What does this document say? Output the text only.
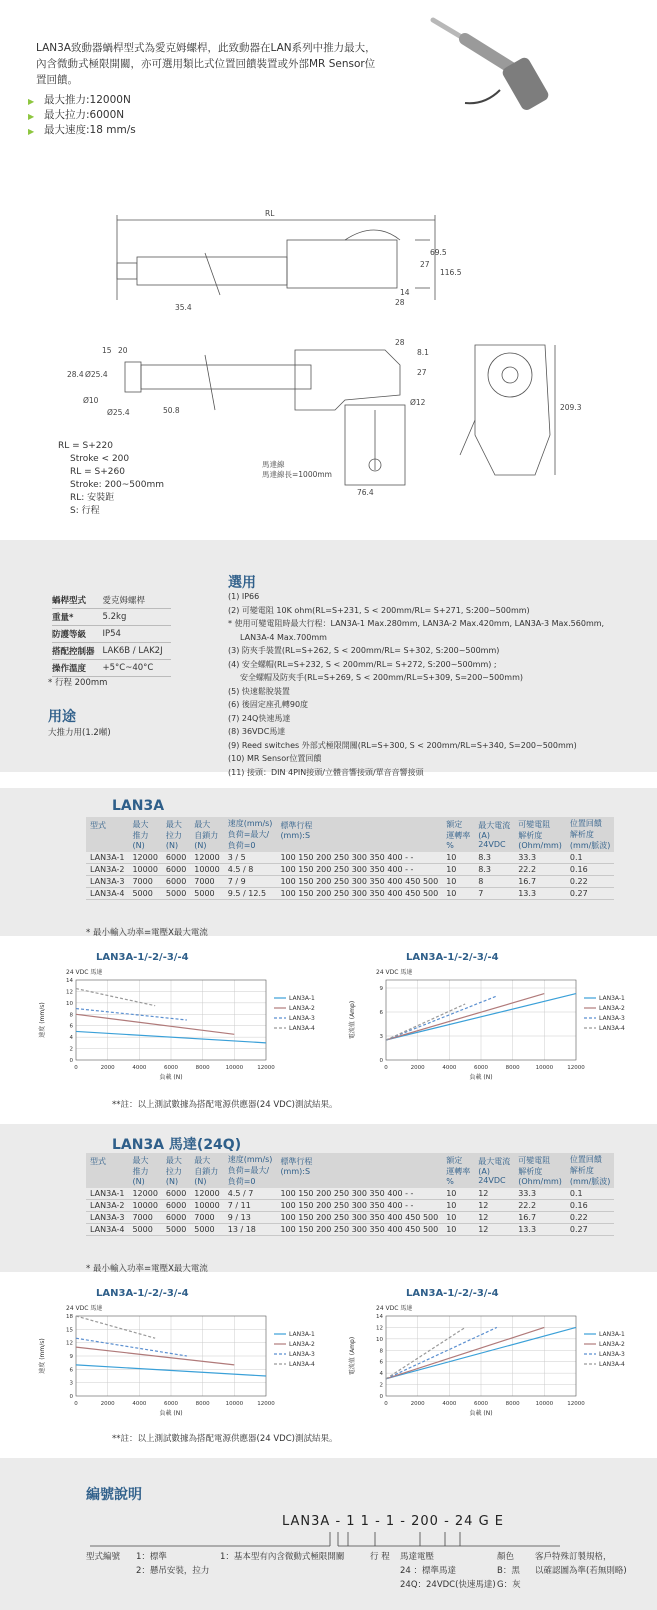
LAN3A致動器蝸桿型式為愛克姆螺桿，此致動器在LAN系列中推力最大，內含微動式極限開關，亦可選用類比式位置回饋裝置或外部MR Sensor位置回饋。
▶ 最大推力:12000N
▶ 最大拉力:6000N
▶ 最大速度:18 mm/s
RL
27
69.5
116.5
14
28
35.4
28
8.1
27
Ø12
15 20
28.4 Ø25.4
Ø10
Ø25.4	50.8	209.3
76.4
馬達線
馬達線長=1000mm
RL = S+220
Stroke < 200
RL = S+260
Stroke: 200~500mm
RL: 安裝距
S: 行程
蝸桿型式	愛克姆螺桿
重量*	5.2kg
防護等級	IP54
搭配控制器	LAK6B / LAK2J
操作溫度	+5°C~40°C
* 行程 200mm
用途
大推力用(1.2噸)
選用
(1) IP66
(2) 可變電阻 10K ohm(RL=S+231, S < 200mm/RL= S+271, S:200~500mm)
* 使用可變電阻時最大行程：LAN3A-1 Max.280mm, LAN3A-2 Max.420mm, LAN3A-3 Max.560mm,
LAN3A-4 Max.700mm
(3) 防夾手裝置(RL=S+262, S < 200mm/RL= S+302, S:200~500mm)
(4) 安全螺帽(RL=S+232, S < 200mm/RL= S+272, S:200~500mm) ;
安全螺帽及防夾手(RL=S+269, S < 200mm/RL=S+309, S=200~500mm)
(5) 快速鬆脫裝置
(6) 後固定座孔轉90度
(7) 24Q快速馬達
(8) 36VDC馬達
(9) Reed switches 外部式極限開關(RL=S+300, S < 200mm/RL=S+340, S=200~500mm)
(10) MR Sensor位置回饋
(11) 接頭：DIN 4PIN接頭/立體音響接頭/單音音響接頭
LAN3A
型式	最大
推力
(N)	最大
拉力
(N)	最大
自鎖力
(N)	速度(mm/s)
負荷=最大/
負荷=0	標準行程
(mm):S	額定
運轉率
%	最大電流
(A)
24VDC	可變電阻
解析度
(Ohm/mm)	位置回饋
解析度
(mm/脈波)
LAN3A-1	12000	6000	12000	3 / 5	100 150 200 250 300 350 400 - -	10	8.3	33.3	0.1
LAN3A-2	10000	6000	10000	4.5 / 8	100 150 200 250 300 350 400 - -	10	8.3	22.2	0.16
LAN3A-3	7000	6000	7000	7 / 9	100 150 200 250 300 350 400 450 500	10	8	16.7	0.22
LAN3A-4	5000	5000	5000	9.5 / 12.5	100 150 200 250 300 350 400 450 500	10	7	13.3	0.27
* 最小輸入功率=電壓X最大電流
LAN3A-1/-2/-3/-4
24 VDC 馬達
0	2000	4000	6000	8000	10000	12000
0
2
4
6
8
10
12
14
負載 (N)
速度 (mm/s)
LAN3A-1
LAN3A-2
LAN3A-3
LAN3A-4
LAN3A-1/-2/-3/-4
24 VDC 馬達
0	2000	4000	6000	8000	10000	12000
0
3
6
9
負載 (N)
電流值 (Amp)
LAN3A-1
LAN3A-2
LAN3A-3
LAN3A-4
**註：以上測試數據為搭配電源供應器(24 VDC)測試結果。
LAN3A 馬達(24Q)
型式	最大
推力
(N)	最大
拉力
(N)	最大
自鎖力
(N)	速度(mm/s)
負荷=最大/
負荷=0	標準行程
(mm):S	額定
運轉率
%	最大電流
(A)
24VDC	可變電阻
解析度
(Ohm/mm)	位置回饋
解析度
(mm/脈波)
LAN3A-1	12000	6000	12000	4.5 / 7	100 150 200 250 300 350 400 - -	10	12	33.3	0.1
LAN3A-2	10000	6000	10000	7 / 11	100 150 200 250 300 350 400 - -	10	12	22.2	0.16
LAN3A-3	7000	6000	7000	9 / 13	100 150 200 250 300 350 400 450 500	10	12	16.7	0.22
LAN3A-4	5000	5000	5000	13 / 18	100 150 200 250 300 350 400 450 500	10	12	13.3	0.27
* 最小輸入功率=電壓X最大電流
LAN3A-1/-2/-3/-4
24 VDC 馬達
0	2000	4000	6000	8000	10000	12000
0
3
6
9
12
15
18
負載 (N)
速度 (mm/s)
LAN3A-1
LAN3A-2
LAN3A-3
LAN3A-4
LAN3A-1/-2/-3/-4
24 VDC 馬達
0	2000	4000	6000	8000	10000	12000
0
2
4
6
8
10
12
14
負載 (N)
電流值 (Amp)
LAN3A-1
LAN3A-2
LAN3A-3
LAN3A-4
**註：以上測試數據為搭配電源供應器(24 VDC)測試結果。
編號說明
LAN3A - 1 1 - 1 - 200 - 24 G E
型式編號 1：標準
2：懸吊安裝，拉力
1：基本型有內含微動式極限開關	行 程 馬達電壓
24 ：標準馬達
24Q：24VDC(快速馬達)
顏色
B：黑
G：灰
客戶特殊訂製規格，
以確認圖為準(若無則略)
